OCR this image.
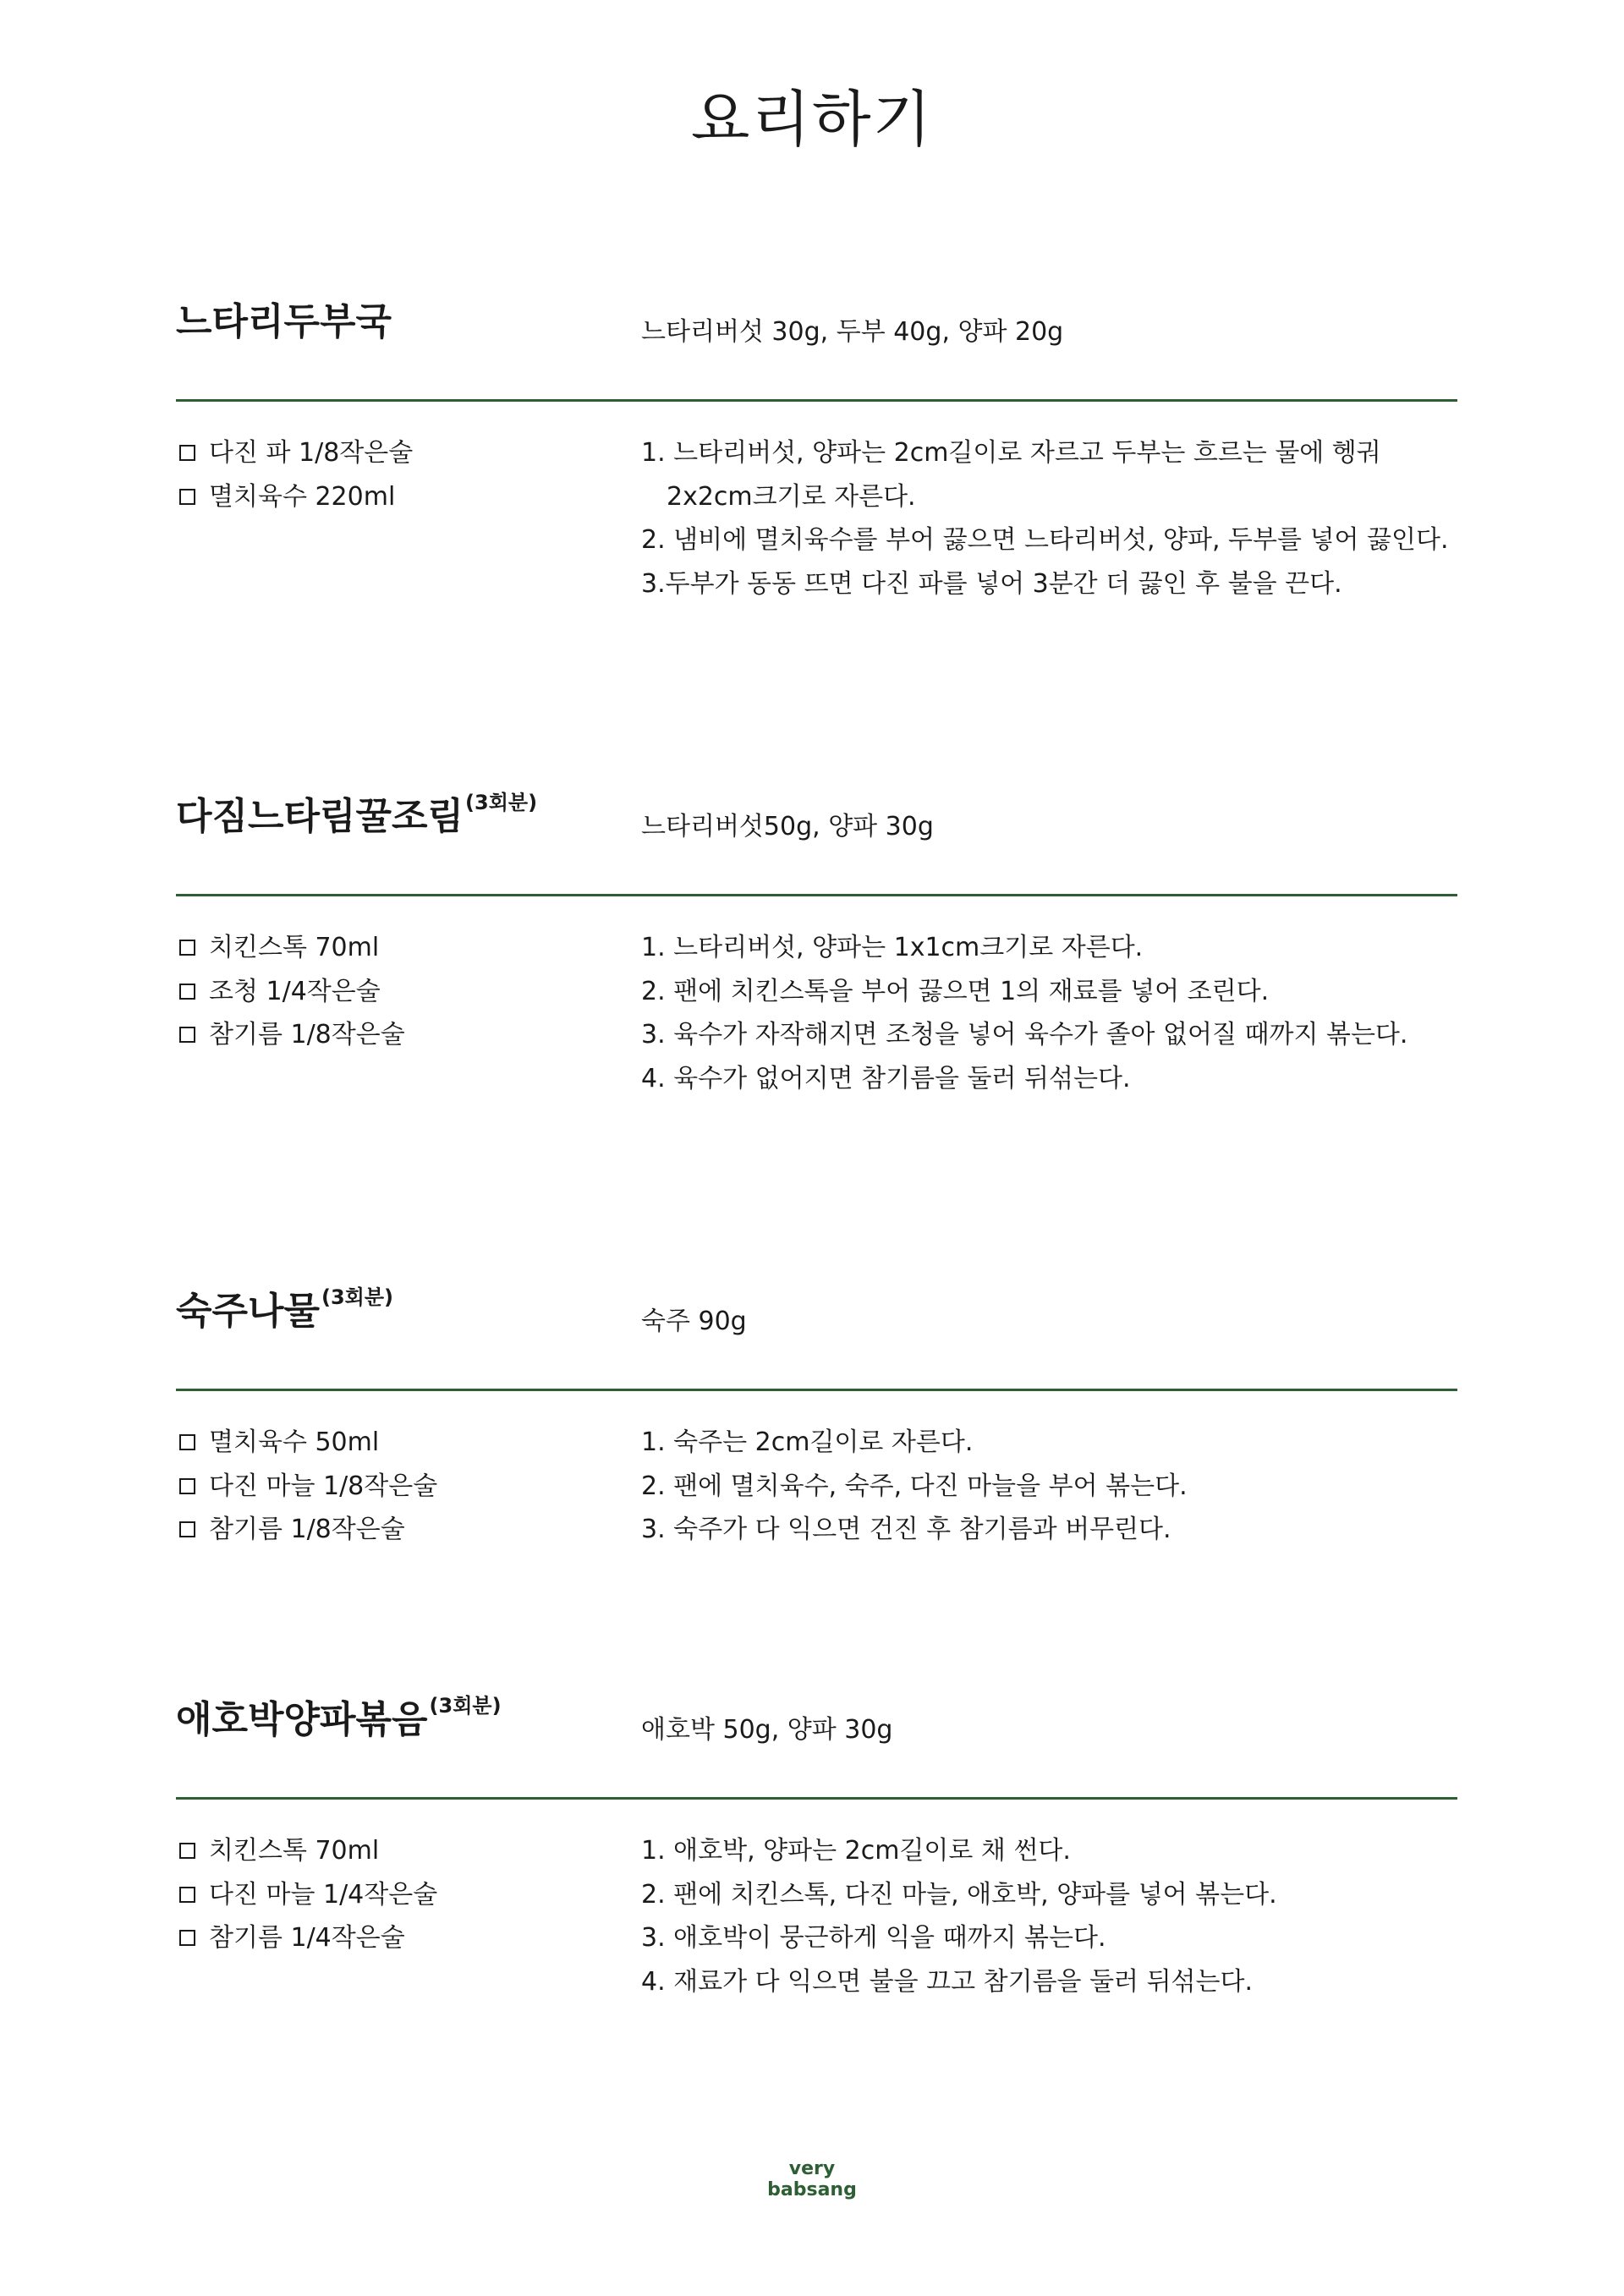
요리하기
느타리두부국	느타리버섯 30g, 두부 40g, 양파 20g
다진 파 1/8작은술
멸치육수 220ml
1. 느타리버섯, 양파는 2cm길이로 자르고 두부는 흐르는 물에 헹궈
2x2cm크기로 자른다.
2. 냄비에 멸치육수를 부어 끓으면 느타리버섯, 양파, 두부를 넣어 끓인다.
3.두부가 동동 뜨면 다진 파를 넣어 3분간 더 끓인 후 불을 끈다.
다짐느타림꿀조림$^{(3회분)}$
느타리버섯50g, 양파 30g
치킨스톡 70ml
조청 1/4작은술
참기름 1/8작은술
1. 느타리버섯, 양파는 1x1cm크기로 자른다.
2. 팬에 치킨스톡을 부어 끓으면 1의 재료를 넣어 조린다.
3. 육수가 자작해지면 조청을 넣어 육수가 졸아 없어질 때까지 볶는다.
4. 육수가 없어지면 참기름을 둘러 뒤섞는다.
숙주나물$^{(3회분)}$
숙주 90g
멸치육수 50ml
다진 마늘 1/8작은술
참기름 1/8작은술
1. 숙주는 2cm길이로 자른다.
2. 팬에 멸치육수, 숙주, 다진 마늘을 부어 볶는다.
3. 숙주가 다 익으면 건진 후 참기름과 버무린다.
애호박양파볶음$^{(3회분)}$
애호박 50g, 양파 30g
치킨스톡 70ml
다진 마늘 1/4작은술
참기름 1/4작은술
1. 애호박, 양파는 2cm길이로 채 썬다.
2. 팬에 치킨스톡, 다진 마늘, 애호박, 양파를 넣어 볶는다.
3. 애호박이 뭉근하게 익을 때까지 볶는다.
4. 재료가 다 익으면 불을 끄고 참기름을 둘러 뒤섞는다.
very
babsang
